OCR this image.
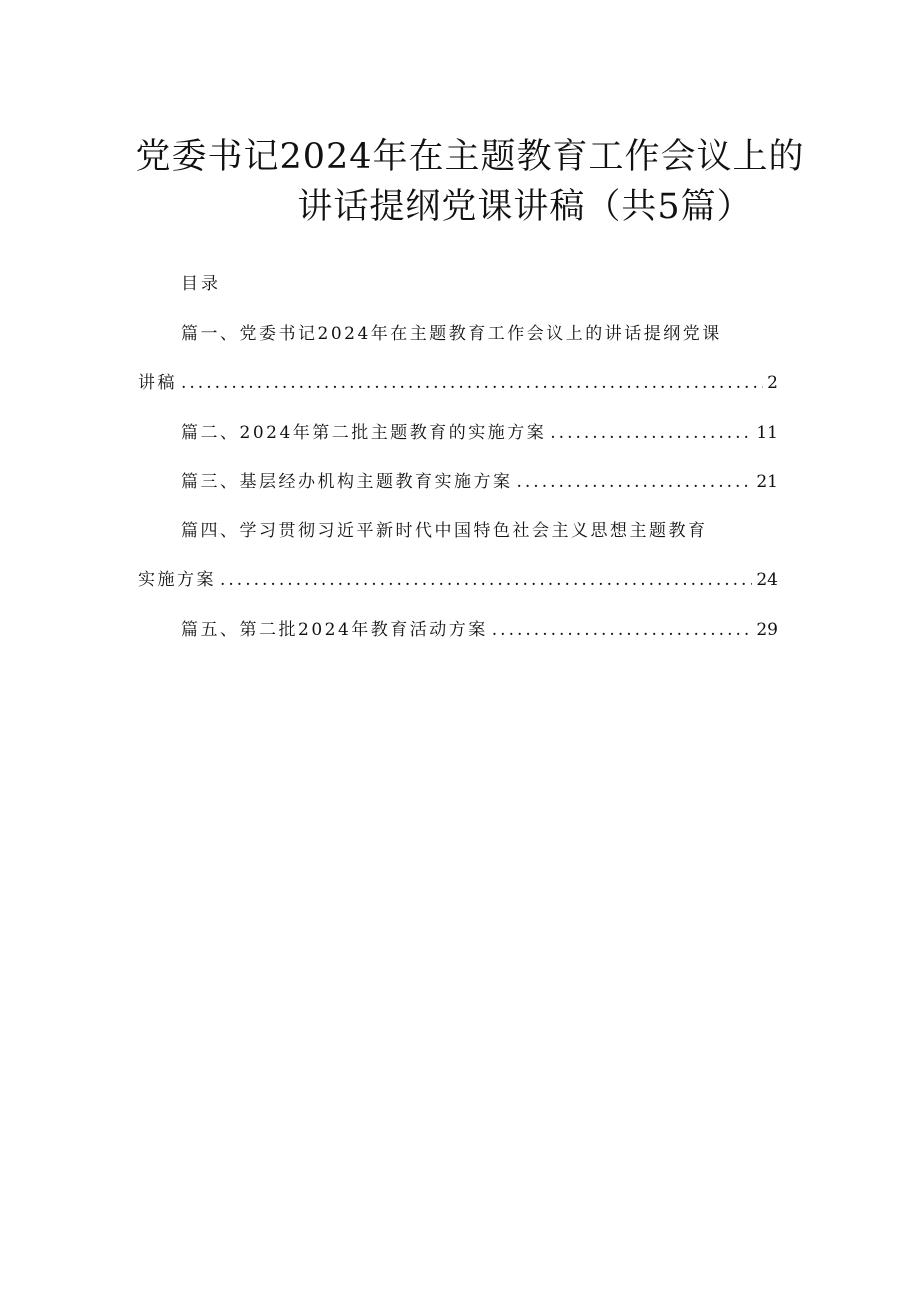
党委书记2024年在主题教育工作会议上的
讲话提纲党课讲稿（共5篇）
目录
篇一、党委书记2024年在主题教育工作会议上的讲话提纲党课
讲稿 .....	2
篇二、2024年第二批主题教育的实施方案 .....	11
篇三、基层经办机构主题教育实施方案 .....	21
篇四、学习贯彻习近平新时代中国特色社会主义思想主题教育
实施方案 .....	24
篇五、第二批2024年教育活动方案 .....	29
